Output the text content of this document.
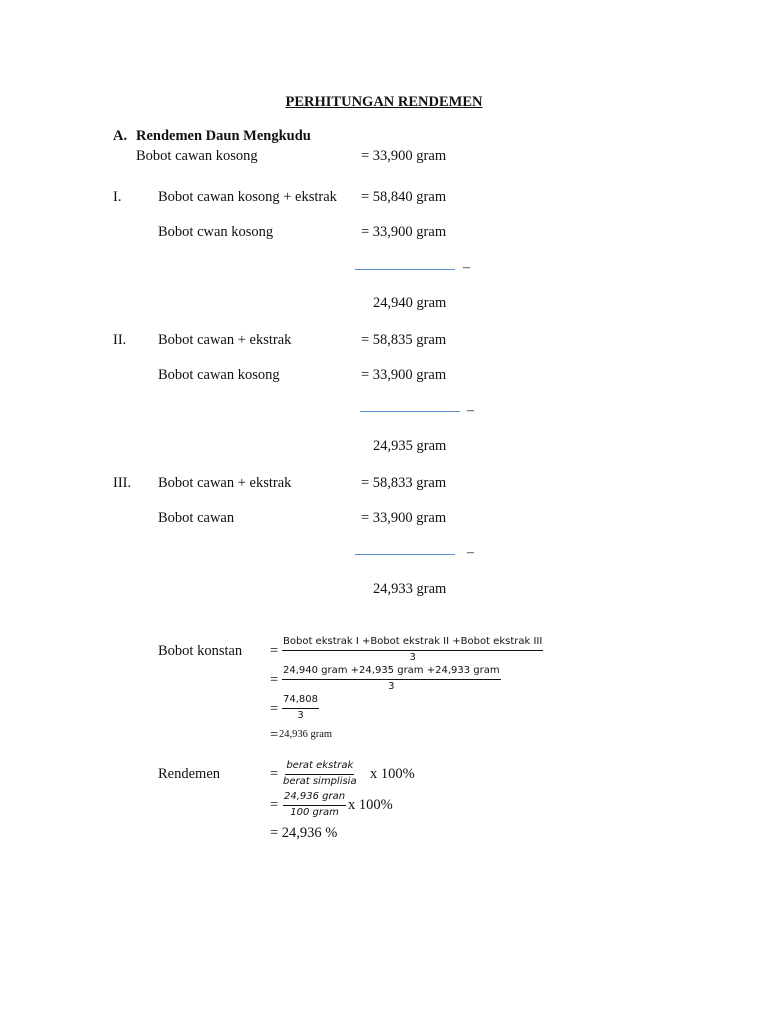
PERHITUNGAN RENDEMEN
A. Rendemen Daun Mengkudu
Bobot cawan kosong	= 33,900 gram
I.	Bobot cawan kosong + ekstrak = 58,840 gram
Bobot cwan kosong	= 33,900 gram
–
24,940 gram
II. Bobot cawan + ekstrak	= 58,835 gram
Bobot cawan kosong	= 33,900 gram
–
24,935 gram
III. Bobot cawan + ekstrak	= 58,833 gram
Bobot cawan	= 33,900 gram
–
24,933 gram
Bobot konstan =
Bobot ekstrak I +Bobot ekstrak II +Bobot ekstrak III
3
=
24,940 gram +24,935 gram +24,933 gram
3
= $\frac{74,808}{3}$
= 24,936 gram
Rendemen	=
berat ekstrak
berat simplisia x 100%
=
24,936 gran
100 gram x 100%
= 24,936 %
